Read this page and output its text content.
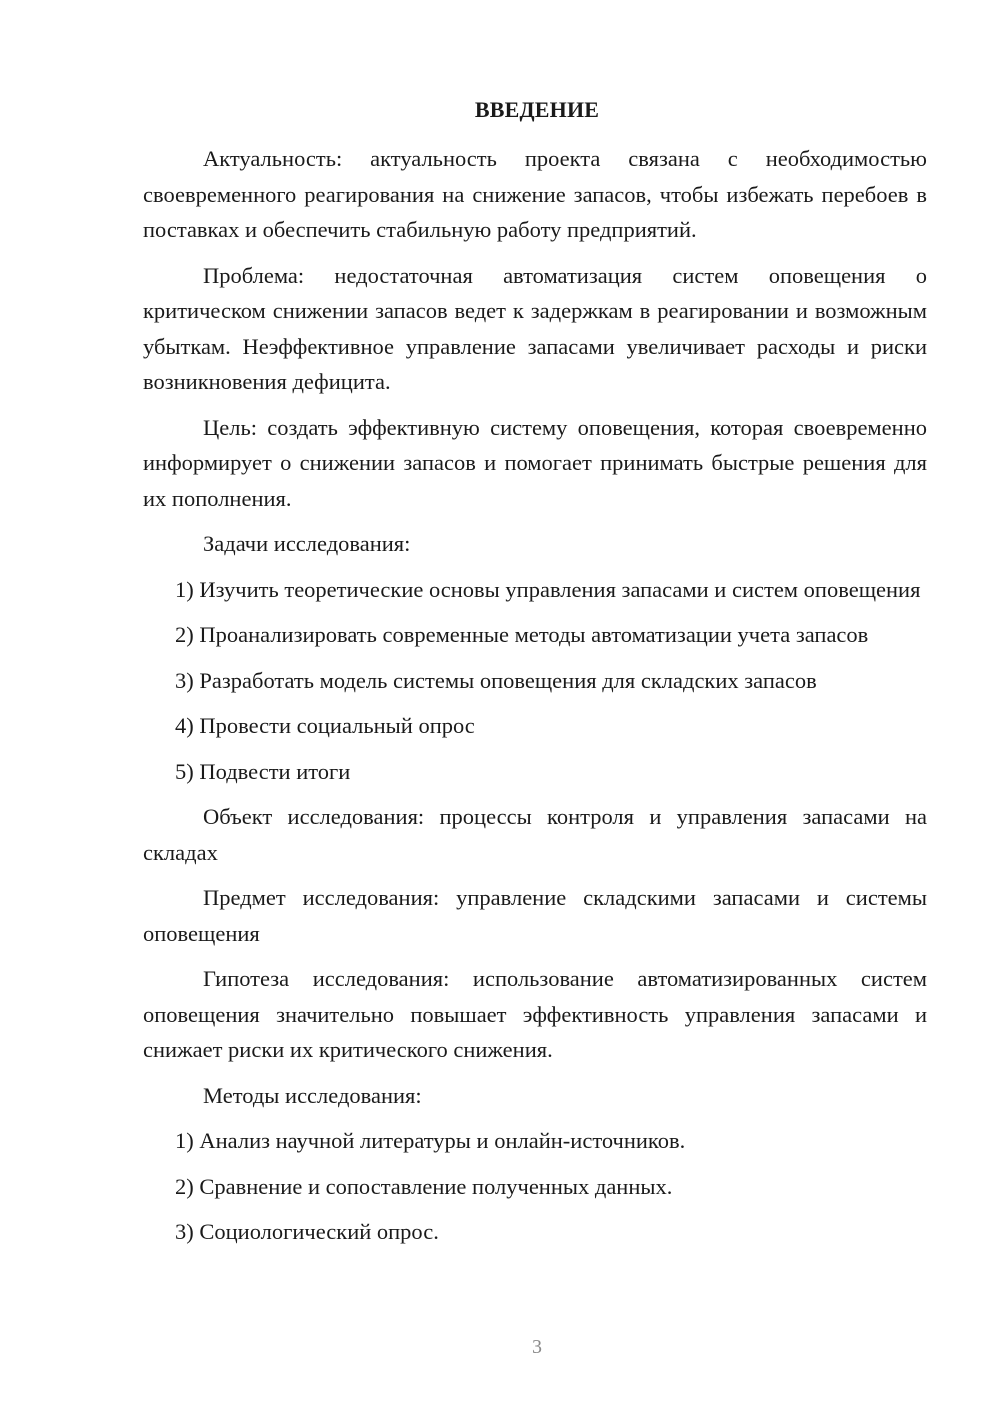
ВВЕДЕНИЕ

Актуальность: актуальность проекта связана с необходимостью своевременного реагирования на снижение запасов, чтобы избежать перебоев в поставках и обеспечить стабильную работу предприятий.

Проблема: недостаточная автоматизация систем оповещения о критическом снижении запасов ведет к задержкам в реагировании и возможным убыткам. Неэффективное управление запасами увеличивает расходы и риски возникновения дефицита.

Цель: создать эффективную систему оповещения, которая своевременно информирует о снижении запасов и помогает принимать быстрые решения для их пополнения.

Задачи исследования:

1) Изучить теоретические основы управления запасами и систем оповещения

2) Проанализировать современные методы автоматизации учета запасов

3) Разработать модель системы оповещения для складских запасов

4) Провести социальный опрос

5) Подвести итоги

Объект исследования: процессы контроля и управления запасами на складах

Предмет исследования: управление складскими запасами и системы оповещения

Гипотеза исследования: использование автоматизированных систем оповещения значительно повышает эффективность управления запасами и снижает риски их критического снижения.

Методы исследования:

1) Анализ научной литературы и онлайн-источников.

2) Сравнение и сопоставление полученных данных.

3) Социологический опрос.

3
